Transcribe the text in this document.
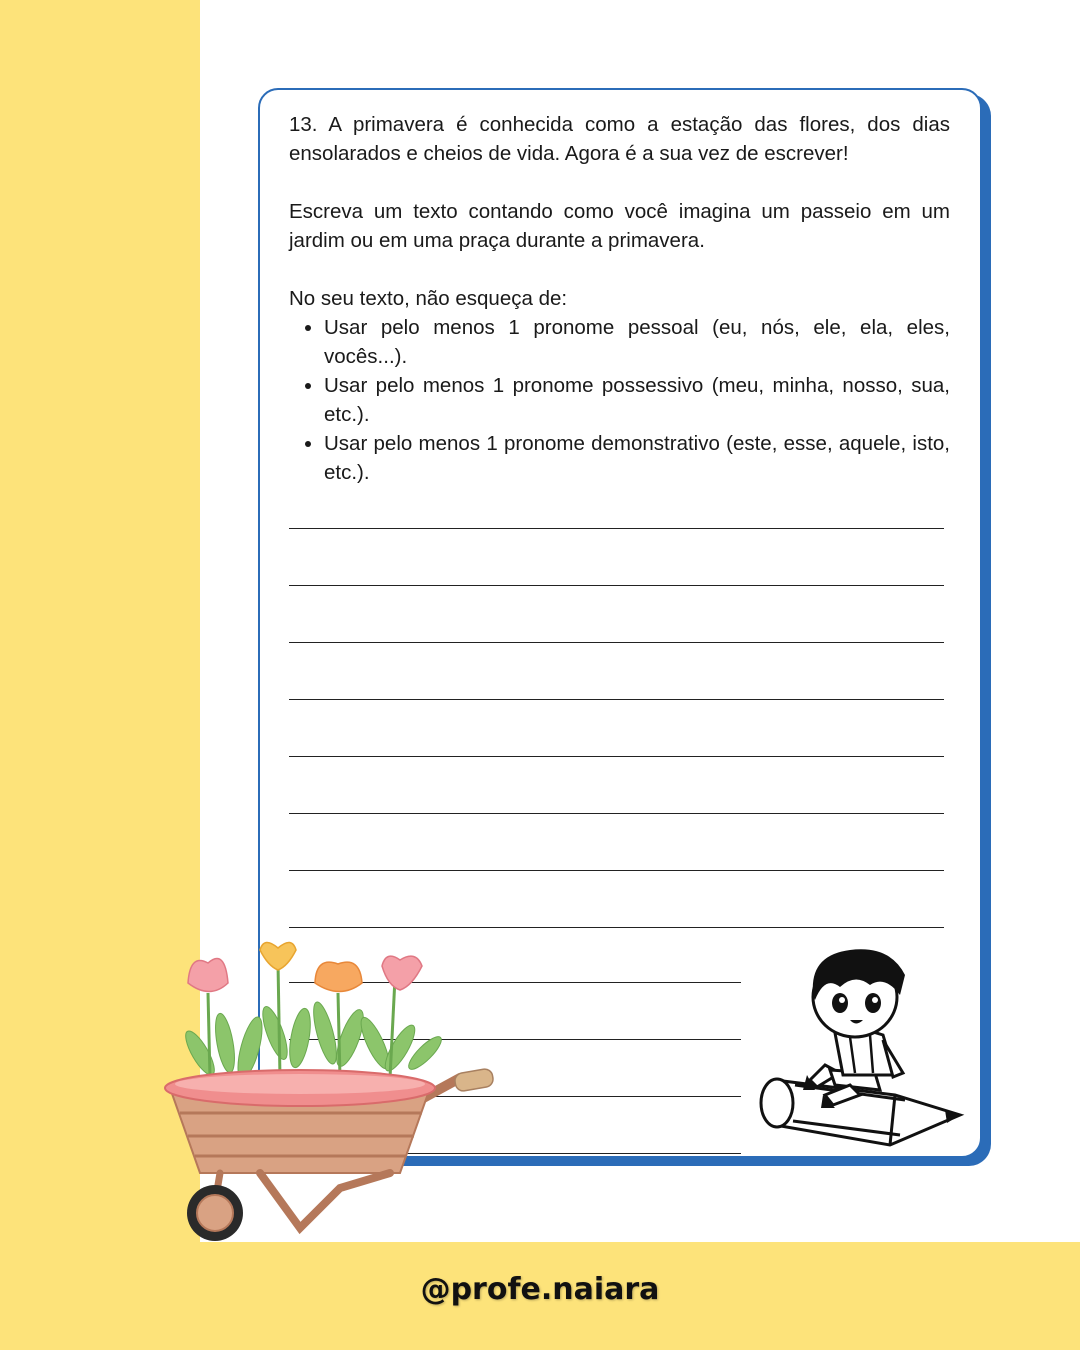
13. A primavera é conhecida como a estação das flores, dos dias ensolarados e cheios de vida. Agora é a sua vez de escrever!

Escreva um texto contando como você imagina um passeio em um jardim ou em uma praça durante a primavera.

No seu texto, não esqueça de:

• Usar pelo menos 1 pronome pessoal (eu, nós, ele, ela, eles, vocês...).
• Usar pelo menos 1 pronome possessivo (meu, minha, nosso, sua, etc.).
• Usar pelo menos 1 pronome demonstrativo (este, esse, aquele, isto, etc.).
@profe.naiara
